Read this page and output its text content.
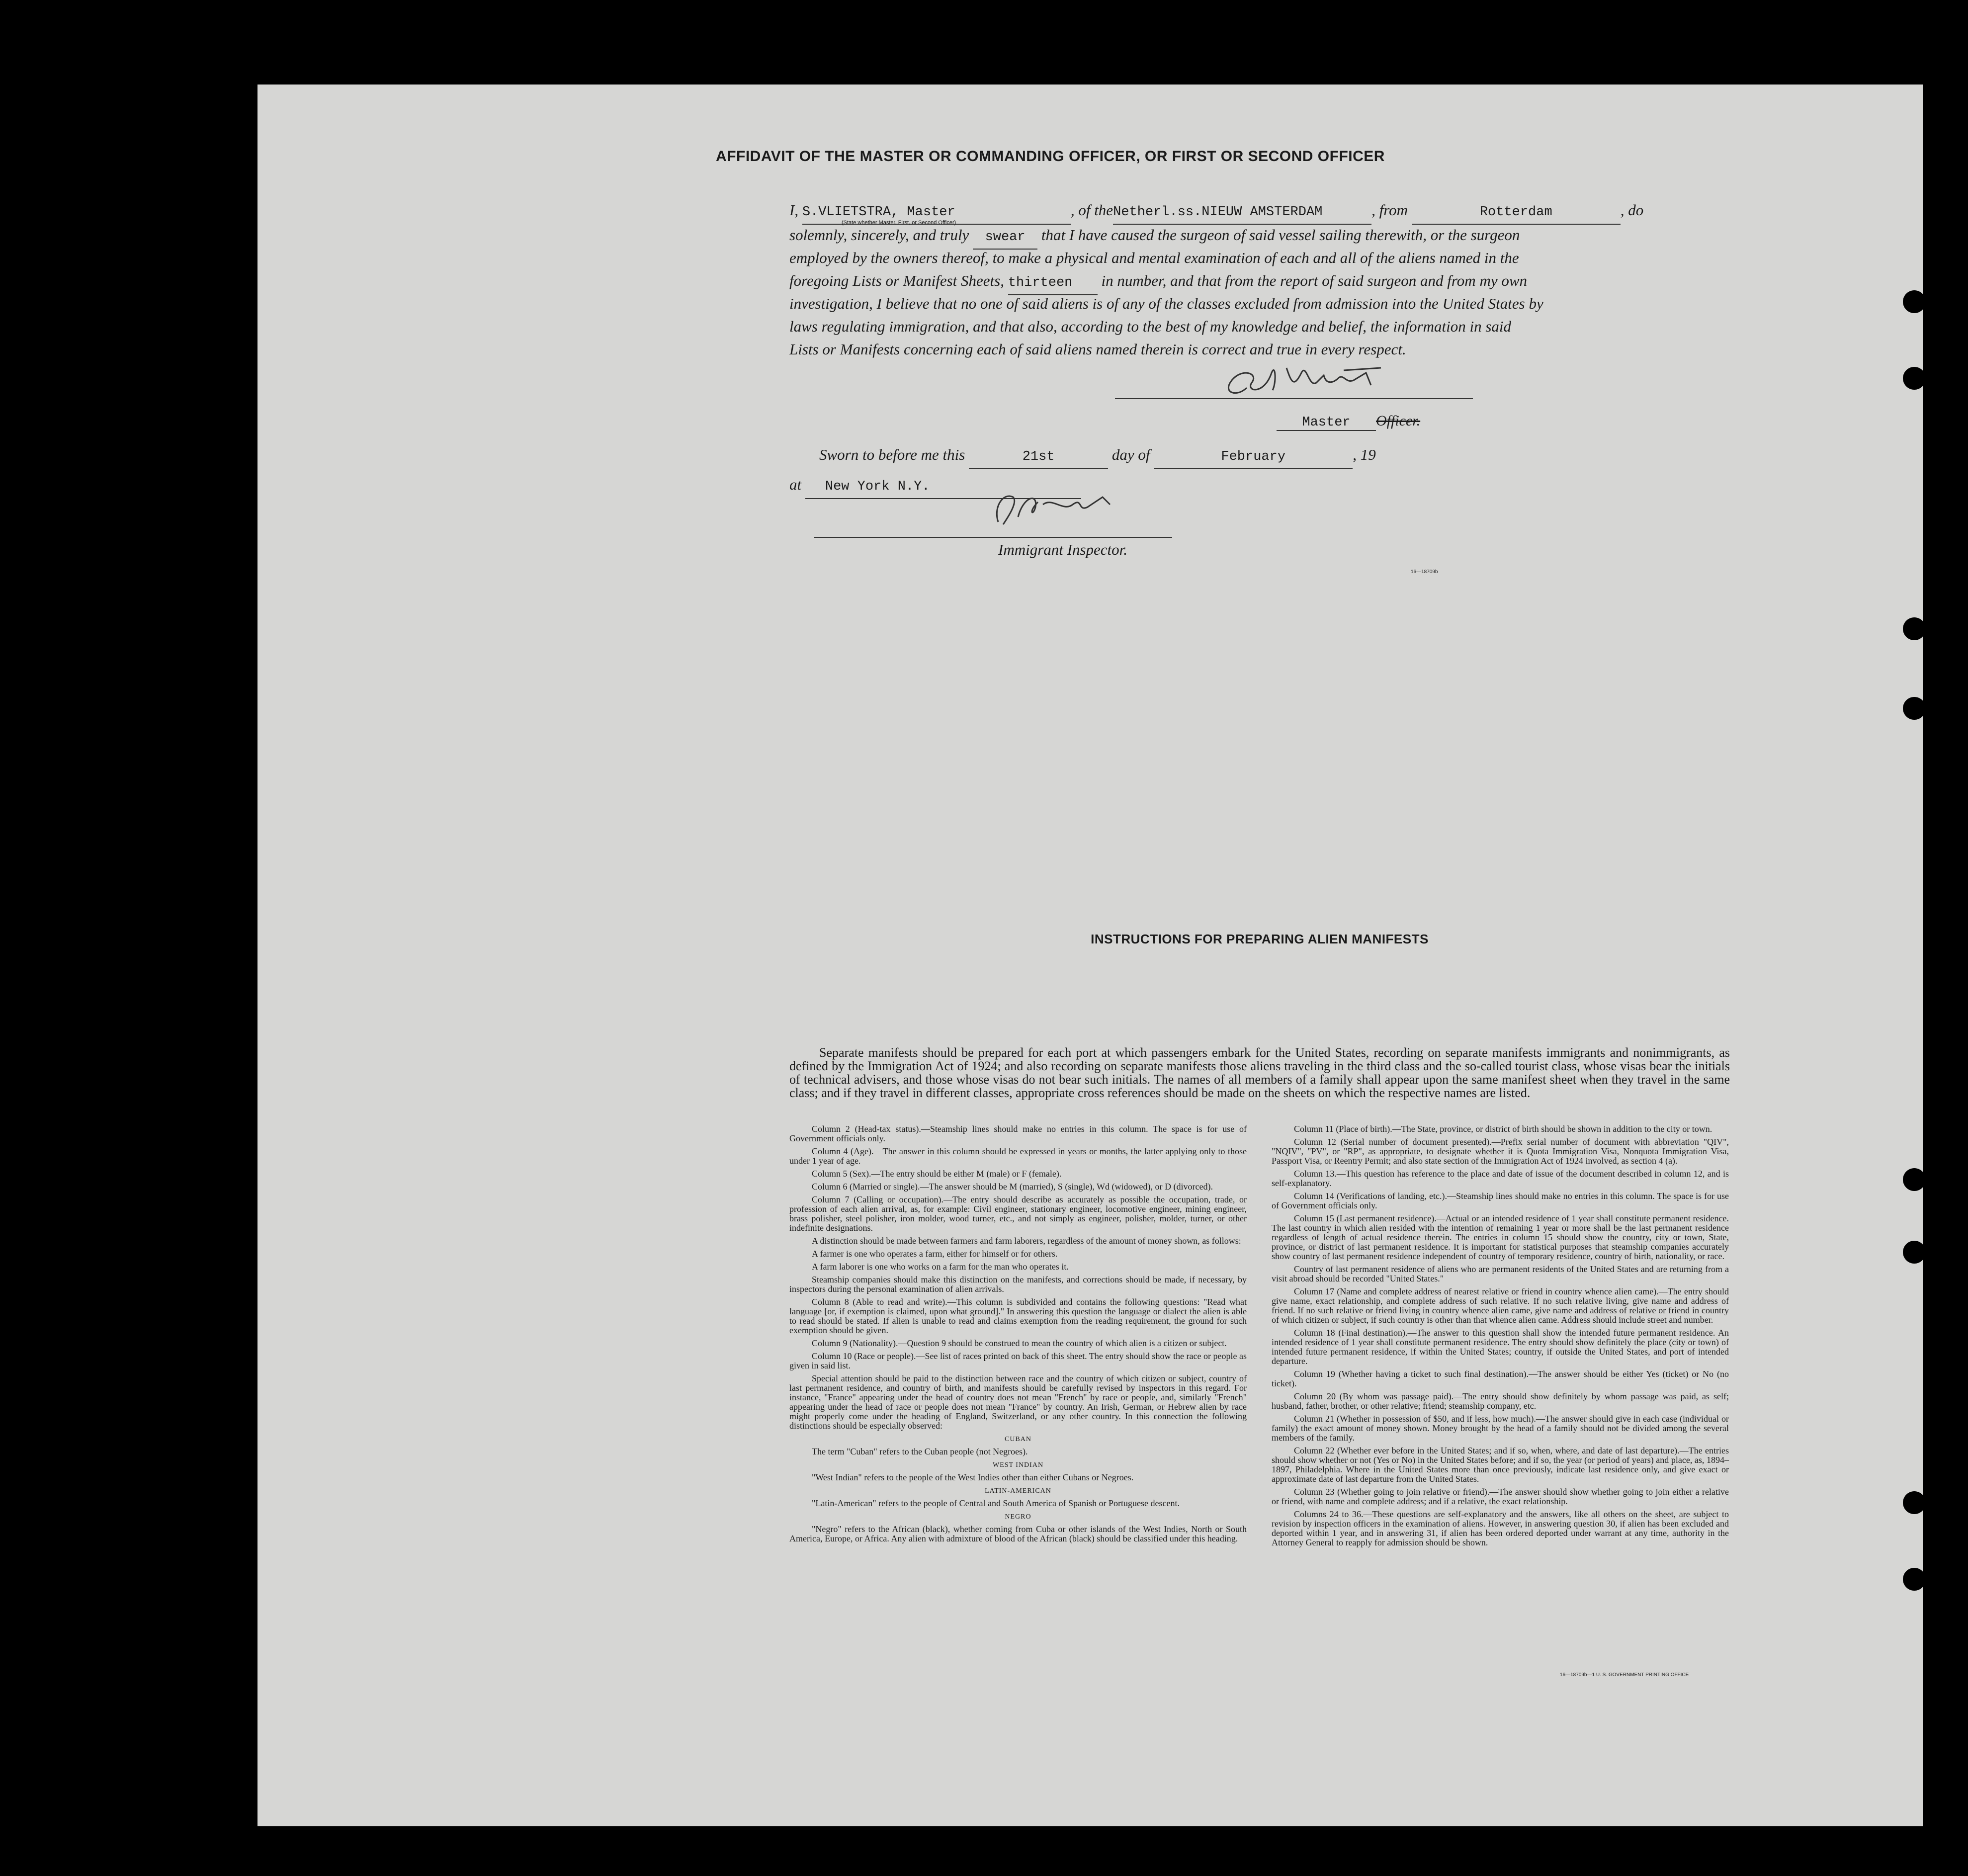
AFFIDAVIT OF THE MASTER OR COMMANDING OFFICER, OR FIRST OR SECOND OFFICER
I, S.VLIETSTRA, Master	, of theNetherl.ss.NIEUW AMSTERDAM	, from	Rotterdam	, do
(State whether Master, First, or Second Officer)
solemnly, sincerely, and truly swear that I have caused the surgeon of said vessel sailing therewith, or the surgeon
employed by the owners thereof, to make a physical and mental examination of each and all of the aliens named in the
foregoing Lists or Manifest Sheets, thirteen in number, and that from the report of said surgeon and from my own
investigation, I believe that no one of said aliens is of any of the classes excluded from admission into the United States by
laws regulating immigration, and that also, according to the best of my knowledge and belief, the information in said
Lists or Manifests concerning each of said aliens named therein is correct and true in every respect.
Master Officer.
Sworn to before me this	21st	day of	February	, 19
at New York N.Y.
Immigrant Inspector.
16—18709b
INSTRUCTIONS FOR PREPARING ALIEN MANIFESTS
Separate manifests should be prepared for each port at which passengers embark for the United States, recording on separate manifests immigrants and nonimmigrants, as defined by the Immigration Act of 1924; and also recording on separate manifests those aliens traveling in the third class and the so-called tourist class, whose visas bear the initials of technical advisers, and those whose visas do not bear such initials. The names of all members of a family shall appear upon the same manifest sheet when they travel in the same class; and if they travel in different classes, appropriate cross references should be made on the sheets on which the respective names are listed.

Column 2 (Head-tax status).—Steamship lines should make no entries in this column. The space is for use of Government officials only.

Column 4 (Age).—The answer in this column should be expressed in years or months, the latter applying only to those under 1 year of age.

Column 5 (Sex).—The entry should be either M (male) or F (female).

Column 6 (Married or single).—The answer should be M (married), S (single), Wd (widowed), or D (divorced).

Column 7 (Calling or occupation).—The entry should describe as accurately as possible the occupation, trade, or profession of each alien arrival, as, for example: Civil engineer, stationary engineer, locomotive engineer, mining engineer, brass polisher, steel polisher, iron molder, wood turner, etc., and not simply as engineer, polisher, molder, turner, or other indefinite designations.

A distinction should be made between farmers and farm laborers, regardless of the amount of money shown, as follows:

A farmer is one who operates a farm, either for himself or for others.

A farm laborer is one who works on a farm for the man who operates it.

Steamship companies should make this distinction on the manifests, and corrections should be made, if necessary, by inspectors during the personal examination of alien arrivals.

Column 8 (Able to read and write).—This column is subdivided and contains the following questions: "Read what language [or, if exemption is claimed, upon what ground]." In answering this question the language or dialect the alien is able to read should be stated. If alien is unable to read and claims exemption from the reading requirement, the ground for such exemption should be given.

Column 9 (Nationality).—Question 9 should be construed to mean the country of which alien is a citizen or subject.

Column 10 (Race or people).—See list of races printed on back of this sheet. The entry should show the race or people as given in said list.

Special attention should be paid to the distinction between race and the country of which citizen or subject, country of last permanent residence, and country of birth, and manifests should be carefully revised by inspectors in this regard. For instance, "France" appearing under the head of country does not mean "French" by race or people, and, similarly "French" appearing under the head of race or people does not mean "France" by country. An Irish, German, or Hebrew alien by race might properly come under the heading of England, Switzerland, or any other country. In this connection the following distinctions should be especially observed:

CUBAN

The term "Cuban" refers to the Cuban people (not Negroes).

WEST INDIAN

"West Indian" refers to the people of the West Indies other than either Cubans or Negroes.

LATIN-AMERICAN

"Latin-American" refers to the people of Central and South America of Spanish or Portuguese descent.

NEGRO

"Negro" refers to the African (black), whether coming from Cuba or other islands of the West Indies, North or South America, Europe, or Africa. Any alien with admixture of blood of the African (black) should be classified under this heading.

Column 11 (Place of birth).—The State, province, or district of birth should be shown in addition to the city or town.

Column 12 (Serial number of document presented).—Prefix serial number of document with abbreviation "QIV", "NQIV", "PV", or "RP", as appropriate, to designate whether it is Quota Immigration Visa, Nonquota Immigration Visa, Passport Visa, or Reentry Permit; and also state section of the Immigration Act of 1924 involved, as section 4 (a).

Column 13.—This question has reference to the place and date of issue of the document described in column 12, and is self-explanatory.

Column 14 (Verifications of landing, etc.).—Steamship lines should make no entries in this column. The space is for use of Government officials only.

Column 15 (Last permanent residence).—Actual or an intended residence of 1 year shall constitute permanent residence. The last country in which alien resided with the intention of remaining 1 year or more shall be the last permanent residence regardless of length of actual residence therein. The entries in column 15 should show the country, city or town, State, province, or district of last permanent residence. It is important for statistical purposes that steamship companies accurately show country of last permanent residence independent of country of temporary residence, country of birth, nationality, or race.

Country of last permanent residence of aliens who are permanent residents of the United States and are returning from a visit abroad should be recorded "United States."

Column 17 (Name and complete address of nearest relative or friend in country whence alien came).—The entry should give name, exact relationship, and complete address of such relative. If no such relative living, give name and address of friend. If no such relative or friend living in country whence alien came, give name and address of relative or friend in country of which citizen or subject, if such country is other than that whence alien came. Address should include street and number.

Column 18 (Final destination).—The answer to this question shall show the intended future permanent residence. An intended residence of 1 year shall constitute permanent residence. The entry should show definitely the place (city or town) of intended future permanent residence, if within the United States; country, if outside the United States, and port of intended departure.

Column 19 (Whether having a ticket to such final destination).—The answer should be either Yes (ticket) or No (no ticket).

Column 20 (By whom was passage paid).—The entry should show definitely by whom passage was paid, as self; husband, father, brother, or other relative; friend; steamship company, etc.

Column 21 (Whether in possession of $50, and if less, how much).—The answer should give in each case (individual or family) the exact amount of money shown. Money brought by the head of a family should not be divided among the several members of the family.

Column 22 (Whether ever before in the United States; and if so, when, where, and date of last departure).—The entries should show whether or not (Yes or No) in the United States before; and if so, the year (or period of years) and place, as, 1894–1897, Philadelphia. Where in the United States more than once previously, indicate last residence only, and give exact or approximate date of last departure from the United States.

Column 23 (Whether going to join relative or friend).—The answer should show whether going to join either a relative or friend, with name and complete address; and if a relative, the exact relationship.

Columns 24 to 36.—These questions are self-explanatory and the answers, like all others on the sheet, are subject to revision by inspection officers in the examination of aliens. However, in answering question 30, if alien has been excluded and deported within 1 year, and in answering 31, if alien has been ordered deported under warrant at any time, authority in the Attorney General to reapply for admission should be shown.

16—18709b—1 U. S. GOVERNMENT PRINTING OFFICE
